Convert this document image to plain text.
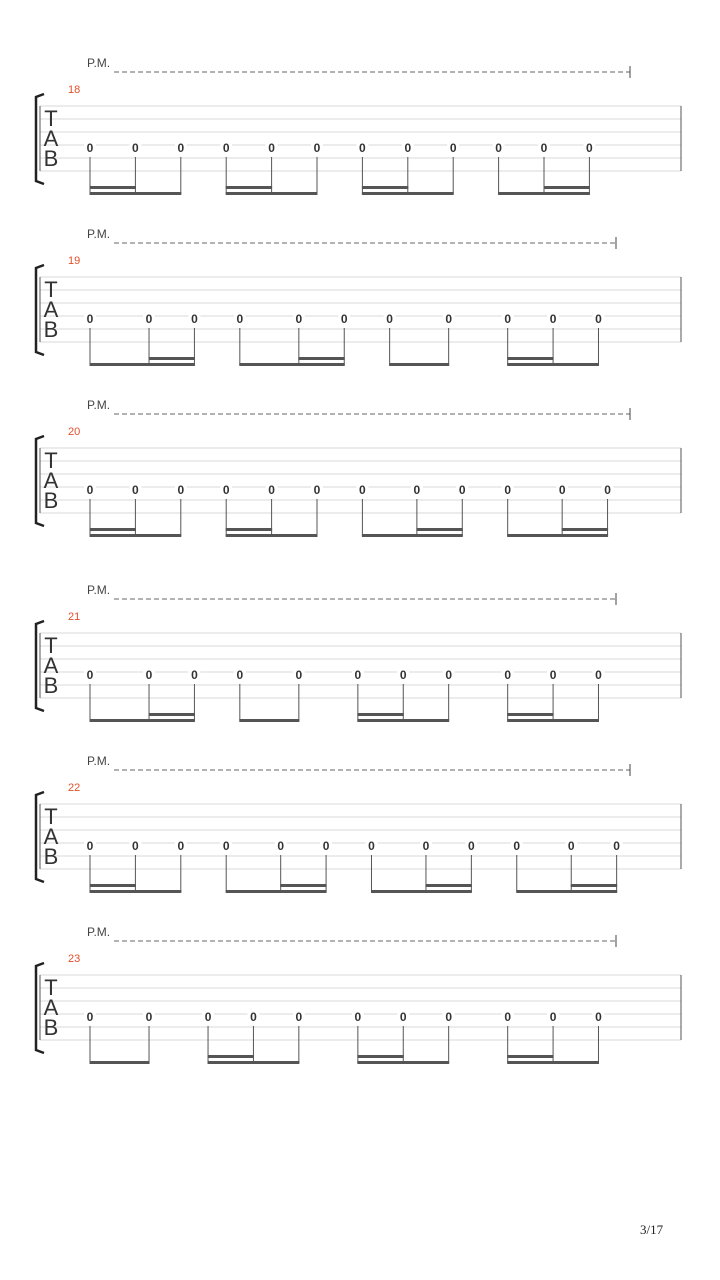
P.M.
18
T
A
B 0	0	0	0	0	0	0	0	0	0	0	0
P.M.
19
T
A
B 0	0	0	0	0	0	0	0	0	0	0
P.M.
20
T
A
B 0	0	0	0	0	0	0	0	0	0	0	0
P.M.
21
T
A
B 0	0	0	0	0	0	0	0	0	0	0
P.M.
22
T
A
B 0	0	0	0	0	0	0	0	0	0	0	0
P.M.
23
T
A
B 0	0	0	0	0	0	0	0	0	0	0
3/17
